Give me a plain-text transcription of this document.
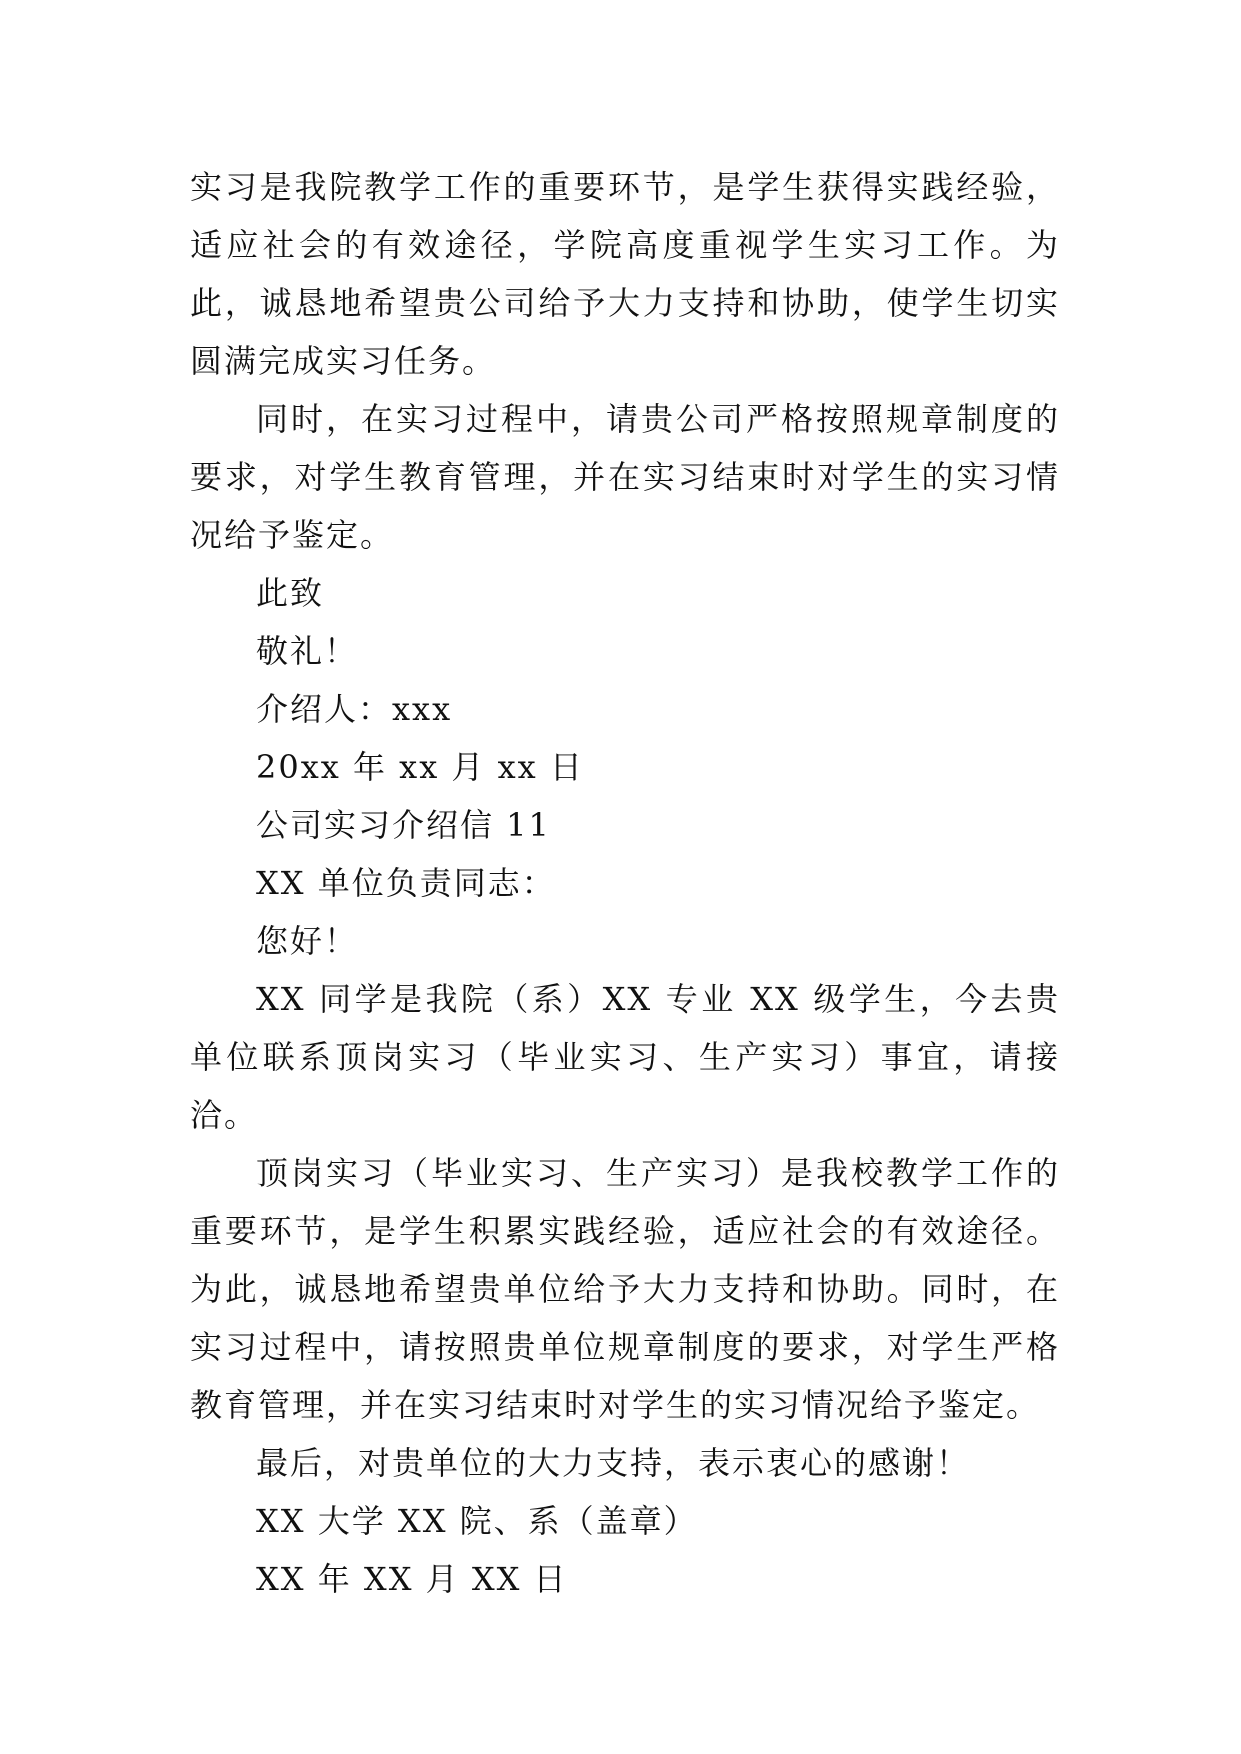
实习是我院教学工作的重要环节，是学生获得实践经验，适应社会的有效途径，学院高度重视学生实习工作。为此，诚恳地希望贵公司给予大力支持和协助，使学生切实圆满完成实习任务。

同时，在实习过程中，请贵公司严格按照规章制度的要求，对学生教育管理，并在实习结束时对学生的实习情况给予鉴定。

此致

敬礼！

介绍人：xxx

20xx 年 xx 月 xx 日

公司实习介绍信 11

XX 单位负责同志：

您好！

XX 同学是我院（系）XX 专业 XX 级学生，今去贵单位联系顶岗实习（毕业实习、生产实习）事宜，请接洽。

顶岗实习（毕业实习、生产实习）是我校教学工作的重要环节，是学生积累实践经验，适应社会的有效途径。为此，诚恳地希望贵单位给予大力支持和协助。同时，在实习过程中，请按照贵单位规章制度的要求，对学生严格教育管理，并在实习结束时对学生的实习情况给予鉴定。

最后，对贵单位的大力支持，表示衷心的感谢！

XX 大学 XX 院、系（盖章）

XX 年 XX 月 XX 日
